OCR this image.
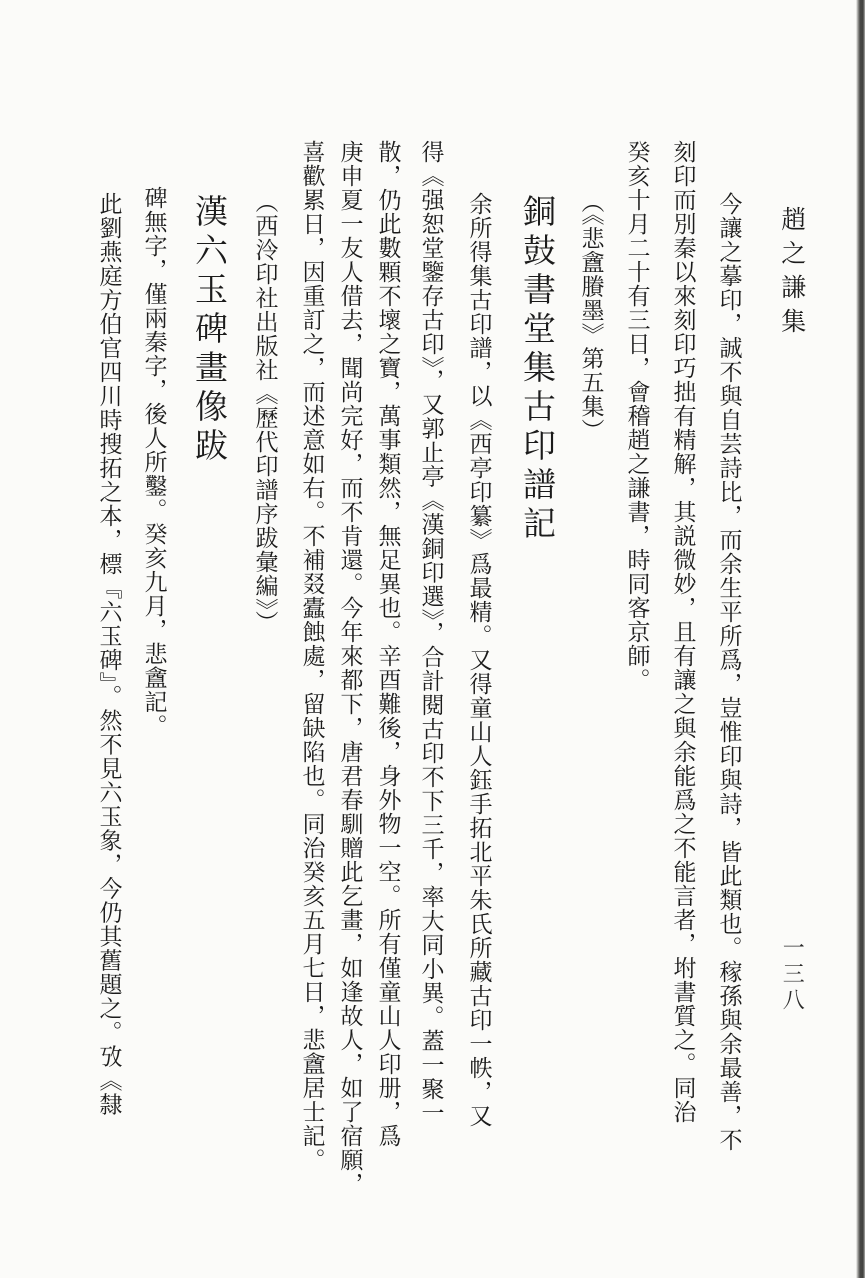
趙之謙集
一三八
今讓之摹印，誠不與自芸詩比，而余生平所爲，豈惟印與詩，皆此類也。稼孫與余最善，不
刻印而別秦以來刻印巧拙有精解，其説微妙，且有讓之與余能爲之不能言者，坿書質之。同治
癸亥十月二十有三日，會稽趙之謙書，時同客京師。
（《悲盦賸墨》第五集）
銅鼓書堂集古印譜記
余所得集古印譜，以《西亭印纂》爲最精。又得童山人鈺手拓北平朱氏所藏古印一帙，又
得《强恕堂鑒存古印》，又郭止亭《漢銅印選》，合計閱古印不下三千，率大同小異。蓋一聚一
散，仍此數顆不壞之寶，萬事類然，無足異也。辛酉難後，身外物一空。所有僅童山人印册，爲
庚申夏一友人借去，聞尚完好，而不肯還。今年來都下，唐君春馴贈此乞畫，如逢故人，如了宿願，
喜歡累日，因重訂之，而述意如右。不補叕蠹蝕處，留缺陷也。同治癸亥五月七日，悲盦居士記。
（西泠印社出版社《歷代印譜序跋彙編》）
漢六玉碑畫像跋
碑無字，僅兩秦字，後人所鑿。癸亥九月，悲盦記。
此劉燕庭方伯官四川時搜拓之本，標『六玉碑』。然不見六玉象，今仍其舊題之。攷《隸
